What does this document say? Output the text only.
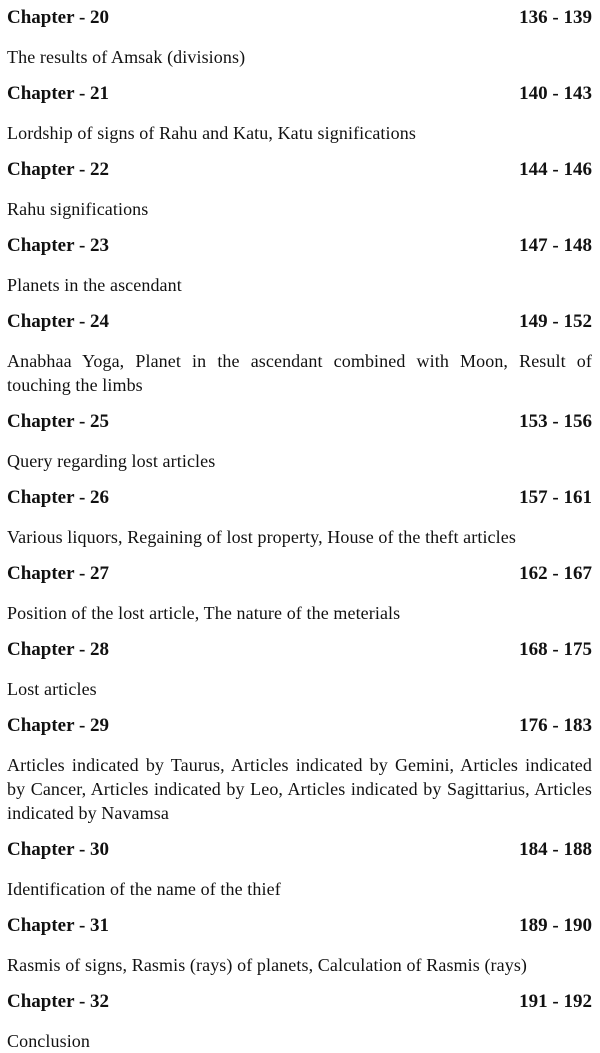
Chapter - 20	136 - 139
The results of Amsak (divisions)
Chapter - 21	140 - 143
Lordship of signs of Rahu and Katu, Katu significations
Chapter - 22	144 - 146
Rahu significations
Chapter - 23	147 - 148
Planets in the ascendant
Chapter - 24	149 - 152
Anabhaa Yoga, Planet in the ascendant combined with Moon, Result of touching the limbs
Chapter - 25	153 - 156
Query regarding lost articles
Chapter - 26	157 - 161
Various liquors, Regaining of lost property, House of the theft articles
Chapter - 27	162 - 167
Position of the lost article, The nature of the meterials
Chapter - 28	168 - 175
Lost articles
Chapter - 29	176 - 183
Articles indicated by Taurus, Articles indicated by Gemini, Articles indicated by Cancer, Articles indicated by Leo, Articles indicated by Sagittarius, Articles indicated by Navamsa
Chapter - 30	184 - 188
Identification of the name of the thief
Chapter - 31	189 - 190
Rasmis of signs, Rasmis (rays) of planets, Calculation of Rasmis (rays)
Chapter - 32	191 - 192
Conclusion
